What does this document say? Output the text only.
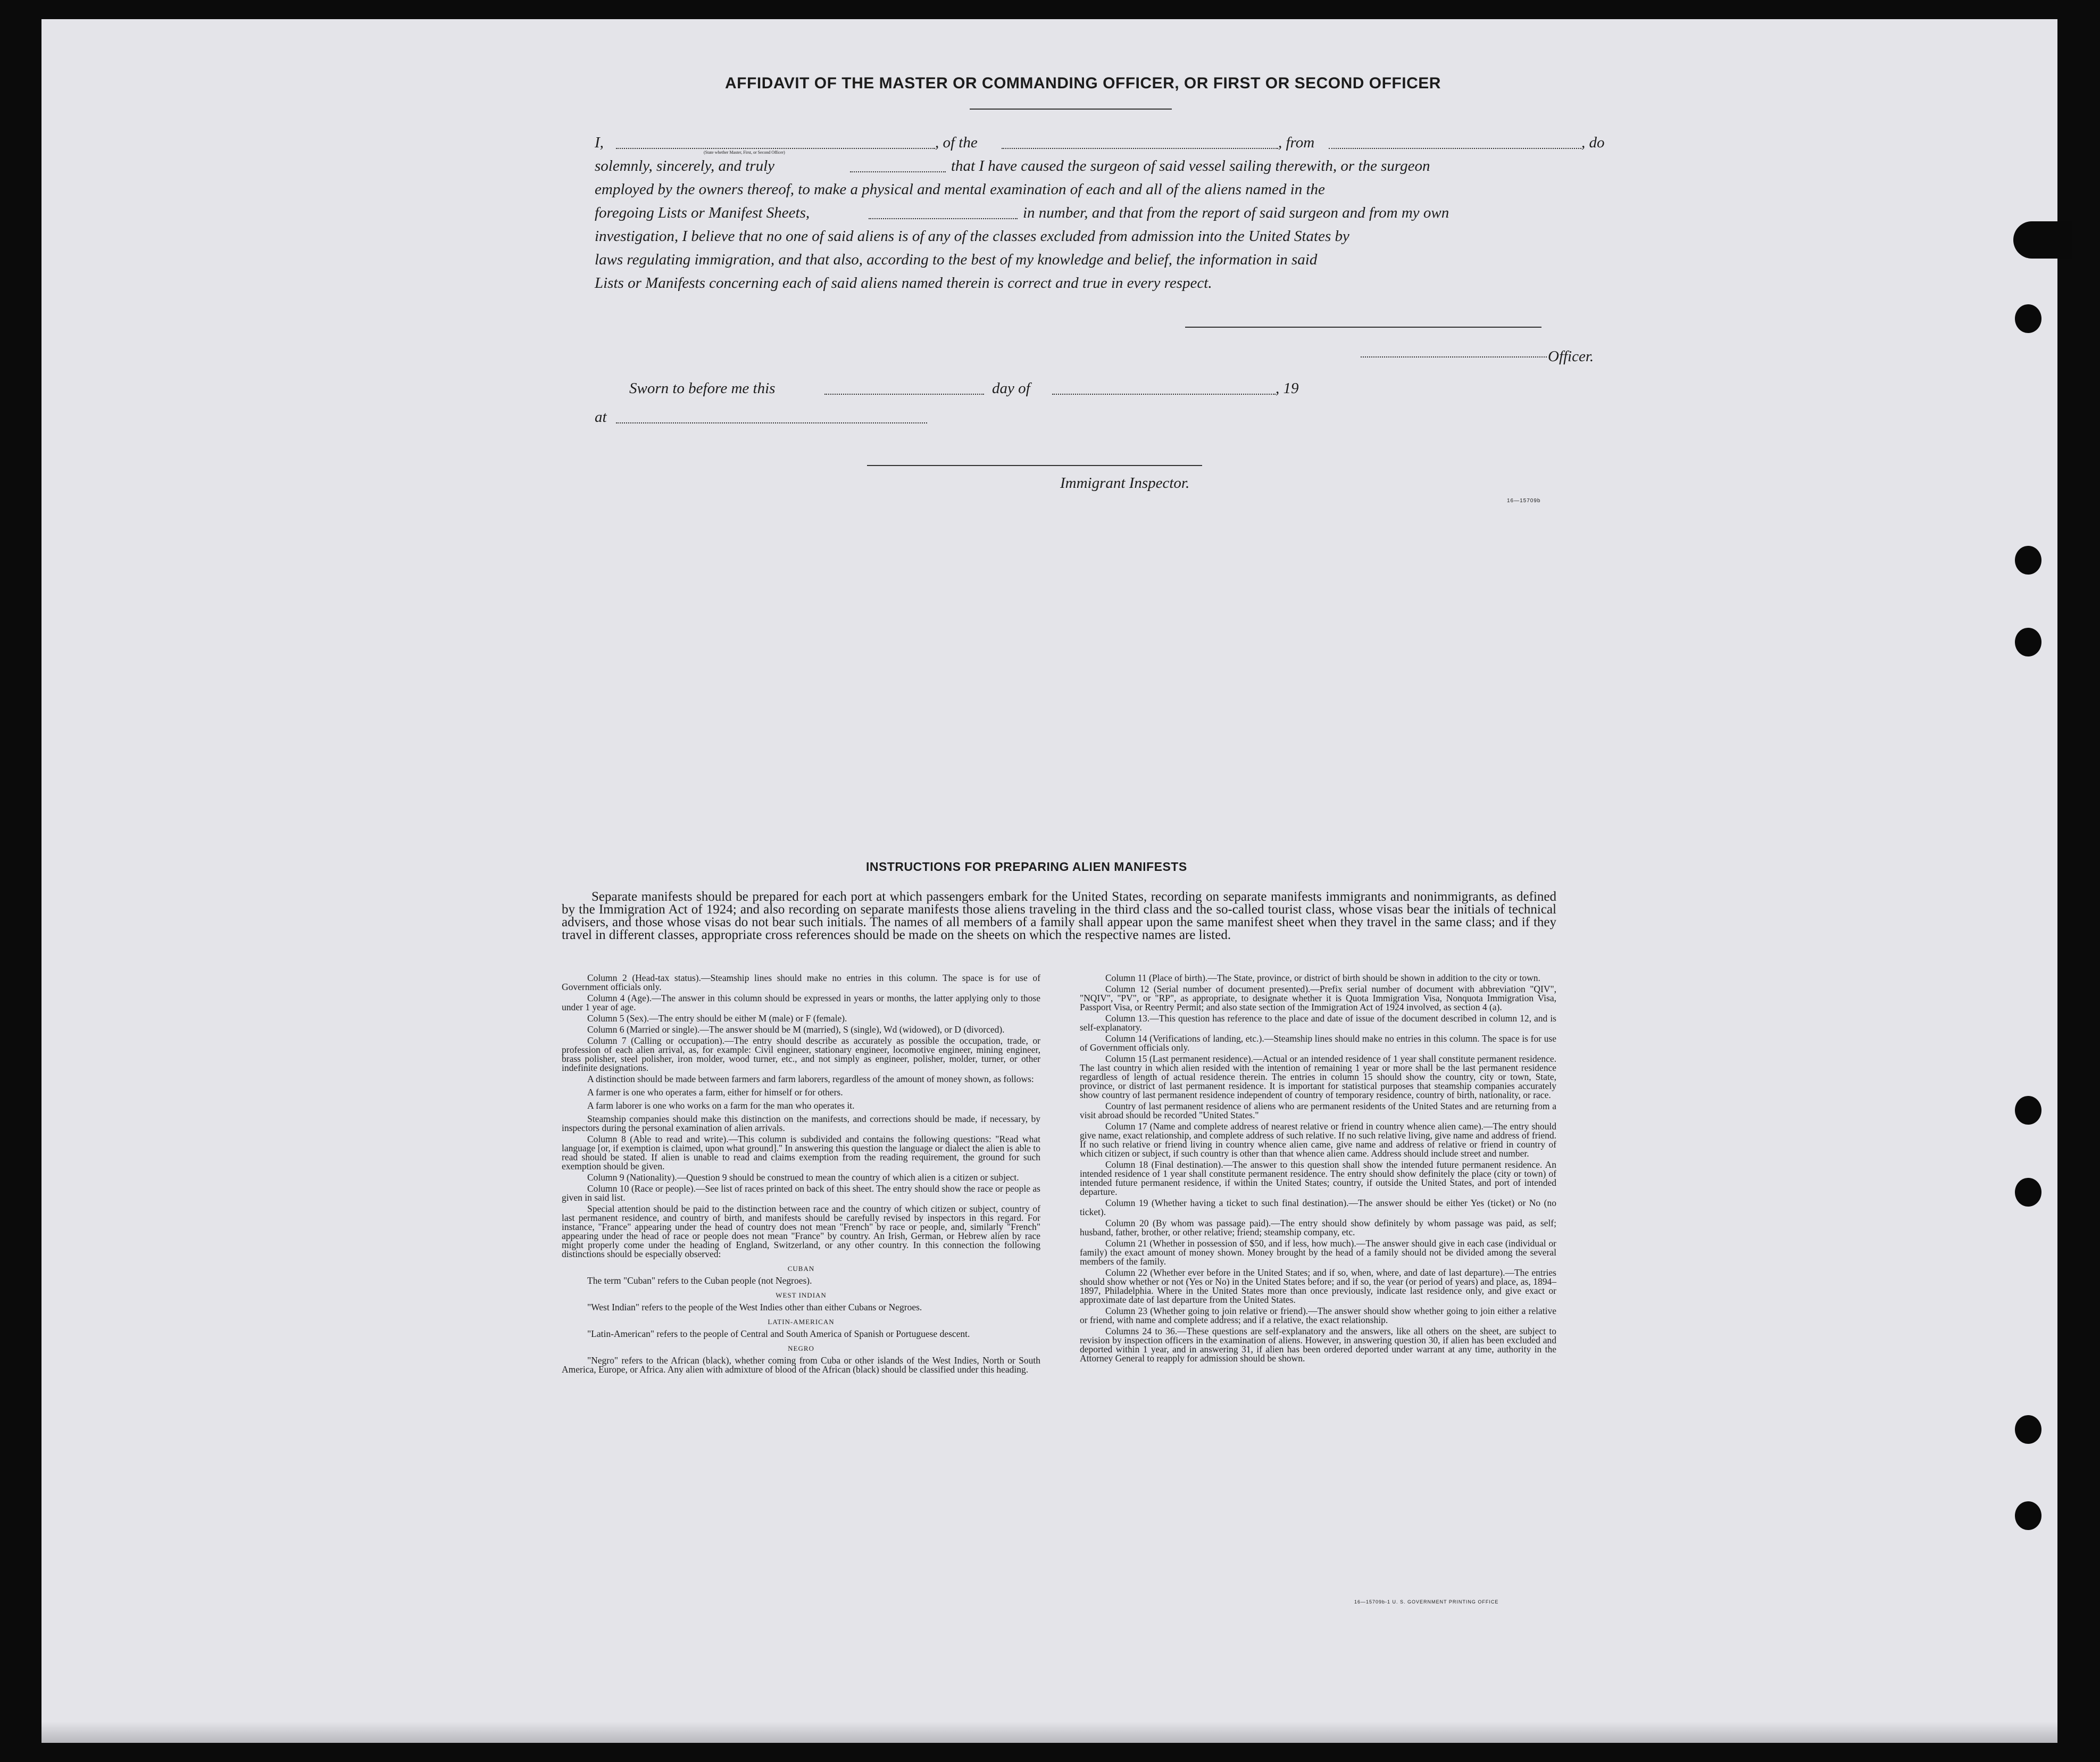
AFFIDAVIT OF THE MASTER OR COMMANDING OFFICER, OR FIRST OR SECOND OFFICER
I,	, of the	, from	, do
(State whether Master, First, or Second Officer)
solemnly, sincerely, and truly	that I have caused the surgeon of said vessel sailing therewith, or the surgeon
employed by the owners thereof, to make a physical and mental examination of each and all of the aliens named in the
foregoing Lists or Manifest Sheets,	in number, and that from the report of said surgeon and from my own
investigation, I believe that no one of said aliens is of any of the classes excluded from admission into the United States by
laws regulating immigration, and that also, according to the best of my knowledge and belief, the information in said
Lists or Manifests concerning each of said aliens named therein is correct and true in every respect.
Officer.
Sworn to before me this	day of	, 19
at
Immigrant Inspector.
16—15709b
INSTRUCTIONS FOR PREPARING ALIEN MANIFESTS
Separate manifests should be prepared for each port at which passengers embark for the United States, recording on separate manifests immigrants and nonimmigrants, as defined by the Immigration Act of 1924; and also recording on separate manifests those aliens traveling in the third class and the so-called tourist class, whose visas bear the initials of technical advisers, and those whose visas do not bear such initials. The names of all members of a family shall appear upon the same manifest sheet when they travel in the same class; and if they travel in different classes, appropriate cross references should be made on the sheets on which the respective names are listed.

Column 2 (Head-tax status).—Steamship lines should make no entries in this column. The space is for use of Government officials only.

Column 4 (Age).—The answer in this column should be expressed in years or months, the latter applying only to those under 1 year of age.

Column 5 (Sex).—The entry should be either M (male) or F (female).

Column 6 (Married or single).—The answer should be M (married), S (single), Wd (widowed), or D (divorced).

Column 7 (Calling or occupation).—The entry should describe as accurately as possible the occupation, trade, or profession of each alien arrival, as, for example: Civil engineer, stationary engineer, locomotive engineer, mining engineer, brass polisher, steel polisher, iron molder, wood turner, etc., and not simply as engineer, polisher, molder, turner, or other indefinite designations.

A distinction should be made between farmers and farm laborers, regardless of the amount of money shown, as follows:

A farmer is one who operates a farm, either for himself or for others.

A farm laborer is one who works on a farm for the man who operates it.

Steamship companies should make this distinction on the manifests, and corrections should be made, if necessary, by inspectors during the personal examination of alien arrivals.

Column 8 (Able to read and write).—This column is subdivided and contains the following questions: "Read what language [or, if exemption is claimed, upon what ground]." In answering this question the language or dialect the alien is able to read should be stated. If alien is unable to read and claims exemption from the reading requirement, the ground for such exemption should be given.

Column 9 (Nationality).—Question 9 should be construed to mean the country of which alien is a citizen or subject.

Column 10 (Race or people).—See list of races printed on back of this sheet. The entry should show the race or people as given in said list.

Special attention should be paid to the distinction between race and the country of which citizen or subject, country of last permanent residence, and country of birth, and manifests should be carefully revised by inspectors in this regard. For instance, "France" appearing under the head of country does not mean "French" by race or people, and, similarly "French" appearing under the head of race or people does not mean "France" by country. An Irish, German, or Hebrew alien by race might properly come under the heading of England, Switzerland, or any other country. In this connection the following distinctions should be especially observed:

CUBAN

The term "Cuban" refers to the Cuban people (not Negroes).

WEST INDIAN

"West Indian" refers to the people of the West Indies other than either Cubans or Negroes.

LATIN-AMERICAN

"Latin-American" refers to the people of Central and South America of Spanish or Portuguese descent.

NEGRO

"Negro" refers to the African (black), whether coming from Cuba or other islands of the West Indies, North or South America, Europe, or Africa. Any alien with admixture of blood of the African (black) should be classified under this heading.

Column 11 (Place of birth).—The State, province, or district of birth should be shown in addition to the city or town.

Column 12 (Serial number of document presented).—Prefix serial number of document with abbreviation "QIV", "NQIV", "PV", or "RP", as appropriate, to designate whether it is Quota Immigration Visa, Nonquota Immigration Visa, Passport Visa, or Reentry Permit; and also state section of the Immigration Act of 1924 involved, as section 4 (a).

Column 13.—This question has reference to the place and date of issue of the document described in column 12, and is self-explanatory.

Column 14 (Verifications of landing, etc.).—Steamship lines should make no entries in this column. The space is for use of Government officials only.

Column 15 (Last permanent residence).—Actual or an intended residence of 1 year shall constitute permanent residence. The last country in which alien resided with the intention of remaining 1 year or more shall be the last permanent residence regardless of length of actual residence therein. The entries in column 15 should show the country, city or town, State, province, or district of last permanent residence. It is important for statistical purposes that steamship companies accurately show country of last permanent residence independent of country of temporary residence, country of birth, nationality, or race.

Country of last permanent residence of aliens who are permanent residents of the United States and are returning from a visit abroad should be recorded "United States."

Column 17 (Name and complete address of nearest relative or friend in country whence alien came).—The entry should give name, exact relationship, and complete address of such relative. If no such relative living, give name and address of friend. If no such relative or friend living in country whence alien came, give name and address of relative or friend in country of which citizen or subject, if such country is other than that whence alien came. Address should include street and number.

Column 18 (Final destination).—The answer to this question shall show the intended future permanent residence. An intended residence of 1 year shall constitute permanent residence. The entry should show definitely the place (city or town) of intended future permanent residence, if within the United States; country, if outside the United States, and port of intended departure.

Column 19 (Whether having a ticket to such final destination).—The answer should be either Yes (ticket) or No (no ticket).

Column 20 (By whom was passage paid).—The entry should show definitely by whom passage was paid, as self; husband, father, brother, or other relative; friend; steamship company, etc.

Column 21 (Whether in possession of $50, and if less, how much).—The answer should give in each case (individual or family) the exact amount of money shown. Money brought by the head of a family should not be divided among the several members of the family.

Column 22 (Whether ever before in the United States; and if so, when, where, and date of last departure).—The entries should show whether or not (Yes or No) in the United States before; and if so, the year (or period of years) and place, as, 1894–1897, Philadelphia. Where in the United States more than once previously, indicate last residence only, and give exact or approximate date of last departure from the United States.

Column 23 (Whether going to join relative or friend).—The answer should show whether going to join either a relative or friend, with name and complete address; and if a relative, the exact relationship.

Columns 24 to 36.—These questions are self-explanatory and the answers, like all others on the sheet, are subject to revision by inspection officers in the examination of aliens. However, in answering question 30, if alien has been excluded and deported within 1 year, and in answering 31, if alien has been ordered deported under warrant at any time, authority in the Attorney General to reapply for admission should be shown.

16—15709b-1 U. S. GOVERNMENT PRINTING OFFICE
